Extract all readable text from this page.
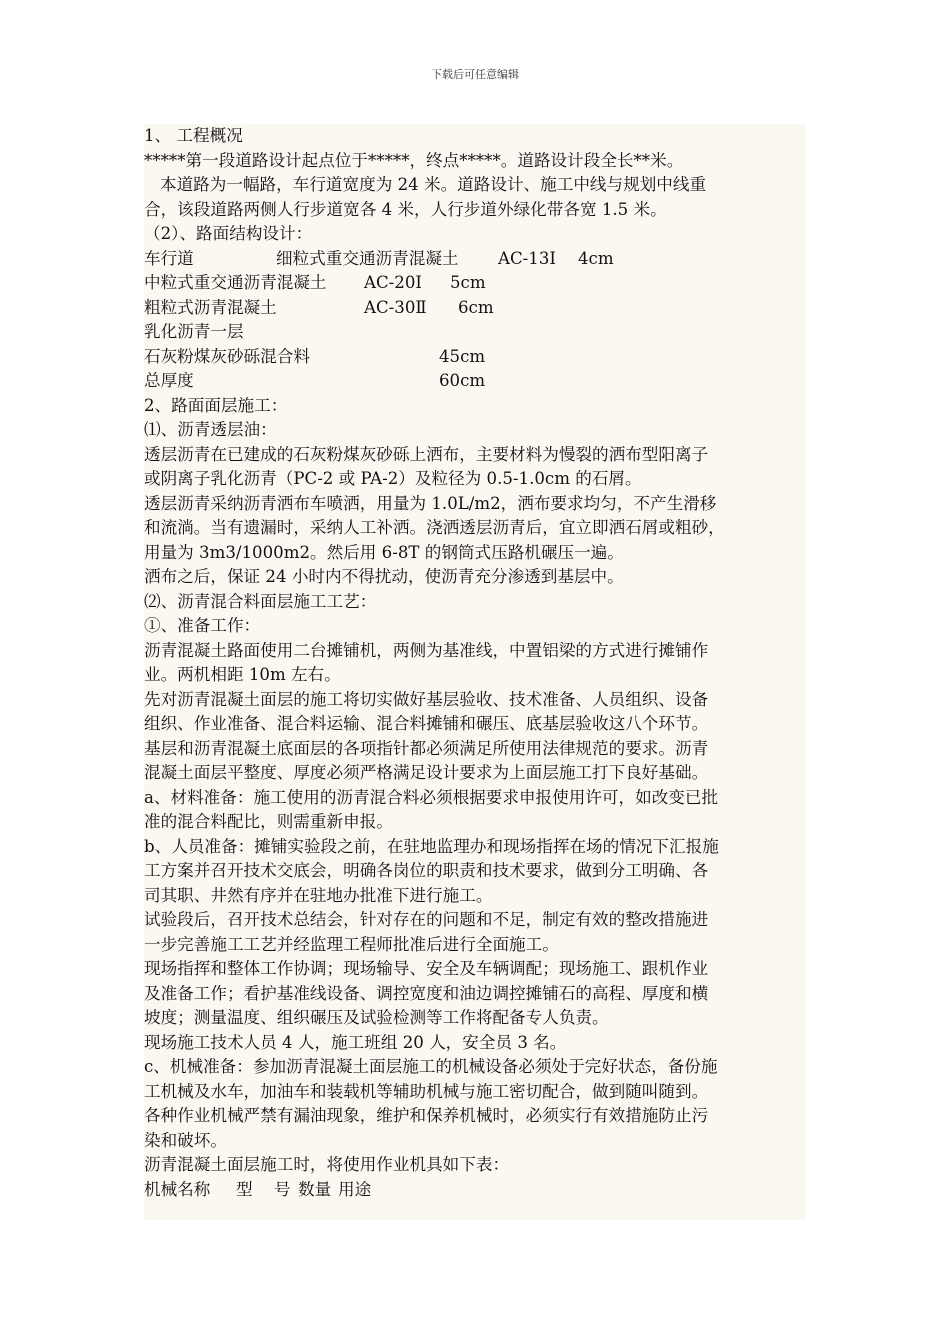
下载后可任意编辑
1、 工程概况
*****第一段道路设计起点位于*****，终点*****。道路设计段全长**米。
本道路为一幅路，车行道宽度为 24 米。道路设计、施工中线与规划中线重
合，该段道路两侧人行步道宽各 4 米，人行步道外绿化带各宽 1.5 米。
（2）、路面结构设计：
车行道	细粒式重交通沥青混凝土 AC-13I 4cm
中粒式重交通沥青混凝土 AC-20I 5cm
粗粒式沥青混凝土	AC-30Ⅱ 6cm
乳化沥青一层
石灰粉煤灰砂砾混合料	45cm
总厚度	60cm
2、路面面层施工：
⑴、沥青透层油：
透层沥青在已建成的石灰粉煤灰砂砾上洒布，主要材料为慢裂的洒布型阳离子
或阴离子乳化沥青（PC-2 或 PA-2）及粒径为 0.5-1.0cm 的石屑。
透层沥青采纳沥青洒布车喷洒，用量为 1.0L/m2，洒布要求均匀，不产生滑移
和流淌。当有遗漏时，采纳人工补洒。浇洒透层沥青后，宜立即洒石屑或粗砂，
用量为 3m3/1000m2。然后用 6-8T 的钢筒式压路机碾压一遍。
洒布之后，保证 24 小时内不得扰动，使沥青充分渗透到基层中。
⑵、沥青混合料面层施工工艺：
①、准备工作：
沥青混凝土路面使用二台摊铺机，两侧为基准线，中置铝梁的方式进行摊铺作
业。两机相距 10m 左右。
先对沥青混凝土面层的施工将切实做好基层验收、技术准备、人员组织、设备
组织、作业准备、混合料运输、混合料摊铺和碾压、底基层验收这八个环节。
基层和沥青混凝土底面层的各项指针都必须满足所使用法律规范的要求。沥青
混凝土面层平整度、厚度必须严格满足设计要求为上面层施工打下良好基础。
a、材料准备：施工使用的沥青混合料必须根据要求申报使用许可，如改变已批
准的混合料配比，则需重新申报。
b、人员准备：摊铺实验段之前，在驻地监理办和现场指挥在场的情况下汇报施
工方案并召开技术交底会，明确各岗位的职责和技术要求，做到分工明确、各
司其职、井然有序并在驻地办批准下进行施工。
试验段后，召开技术总结会，针对存在的问题和不足，制定有效的整改措施进
一步完善施工工艺并经监理工程师批准后进行全面施工。
现场指挥和整体工作协调；现场输导、安全及车辆调配；现场施工、跟机作业
及准备工作；看护基准线设备、调控宽度和油边调控摊铺石的高程、厚度和横
坡度；测量温度、组织碾压及试验检测等工作将配备专人负责。
现场施工技术人员 4 人，施工班组 20 人，安全员 3 名。
c、机械准备：参加沥青混凝土面层施工的机械设备必须处于完好状态，备份施
工机械及水车，加油车和装载机等辅助机械与施工密切配合，做到随叫随到。
各种作业机械严禁有漏油现象，维护和保养机械时，必须实行有效措施防止污
染和破坏。
沥青混凝土面层施工时，将使用作业机具如下表：
机械名称 型 号 数量 用途
